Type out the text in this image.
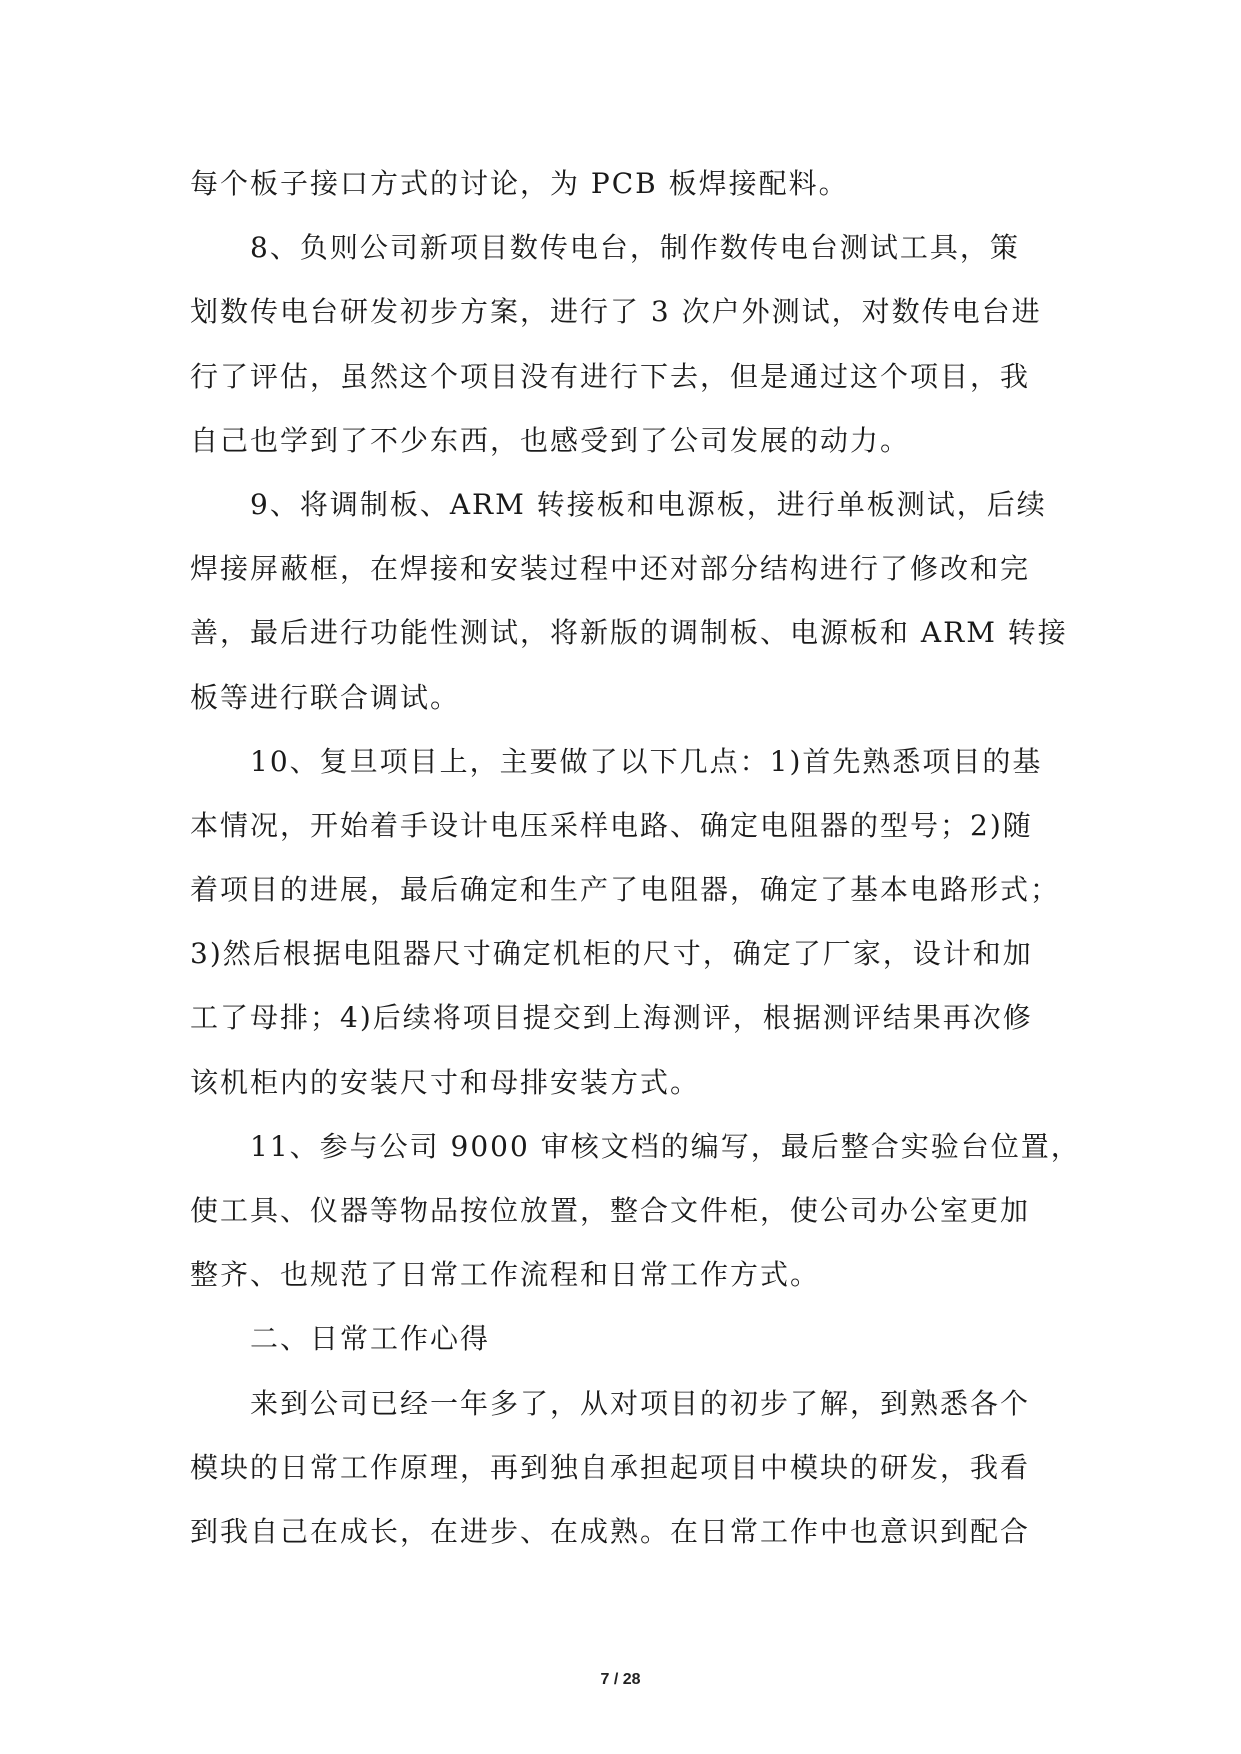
每个板子接口方式的讨论，为 PCB 板焊接配料。
8、负则公司新项目数传电台，制作数传电台测试工具，策
划数传电台研发初步方案，进行了 3 次户外测试，对数传电台进
行了评估，虽然这个项目没有进行下去，但是通过这个项目，我
自己也学到了不少东西，也感受到了公司发展的动力。
9、将调制板、ARM 转接板和电源板，进行单板测试，后续
焊接屏蔽框，在焊接和安装过程中还对部分结构进行了修改和完
善，最后进行功能性测试，将新版的调制板、电源板和 ARM 转接
板等进行联合调试。
10、复旦项目上，主要做了以下几点：1)首先熟悉项目的基
本情况，开始着手设计电压采样电路、确定电阻器的型号；2)随
着项目的进展，最后确定和生产了电阻器，确定了基本电路形式；
3)然后根据电阻器尺寸确定机柜的尺寸，确定了厂家，设计和加
工了母排；4)后续将项目提交到上海测评，根据测评结果再次修
该机柜内的安装尺寸和母排安装方式。
11、参与公司 9000 审核文档的编写，最后整合实验台位置，
使工具、仪器等物品按位放置，整合文件柜，使公司办公室更加
整齐、也规范了日常工作流程和日常工作方式。
二、日常工作心得
来到公司已经一年多了，从对项目的初步了解，到熟悉各个
模块的日常工作原理，再到独自承担起项目中模块的研发，我看
到我自己在成长，在进步、在成熟。在日常工作中也意识到配合
7 / 28
